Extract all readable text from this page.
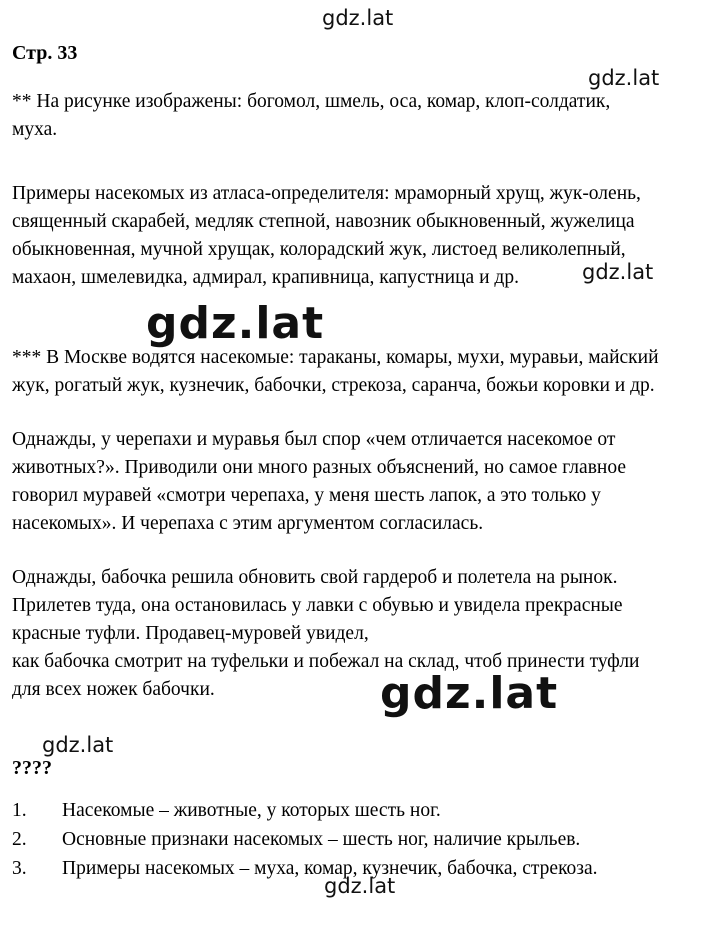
gdz.lat
gdz.lat
gdz.lat
gdz.lat
gdz.lat
gdz.lat
gdz.lat
Стр. 33

** На рисунке изображены: богомол, шмель, оса, комар, клоп-солдатик,

муха.

Примеры насекомых из атласа-определителя: мраморный хрущ, жук-олень,

священный скарабей, медляк степной, навозник обыкновенный, жужелица

обыкновенная, мучной хрущак, колорадский жук, листоед великолепный,

махаон, шмелевидка, адмирал, крапивница, капустница и др.

*** В Москве водятся насекомые: тараканы, комары, мухи, муравьи, майский

жук, рогатый жук, кузнечик, бабочки, стрекоза, саранча, божьи коровки и др.

Однажды, у черепахи и муравья был спор «чем отличается насекомое от

животных?». Приводили они много разных объяснений, но самое главное

говорил муравей «смотри черепаха, у меня шесть лапок, а это только у

насекомых». И черепаха с этим аргументом согласилась.

Однажды, бабочка решила обновить свой гардероб и полетела на рынок.

Прилетев туда, она остановилась у лавки с обувью и увидела прекрасные

красные туфли. Продавец-муровей увидел,

как бабочка смотрит на туфельки и побежал на склад, чтоб принести туфли

для всех ножек бабочки.

????
1.	Насекомые – животные, у которых шесть ног.
2.	Основные признаки насекомых – шесть ног, наличие крыльев.
3.	Примеры насекомых – муха, комар, кузнечик, бабочка, стрекоза.
